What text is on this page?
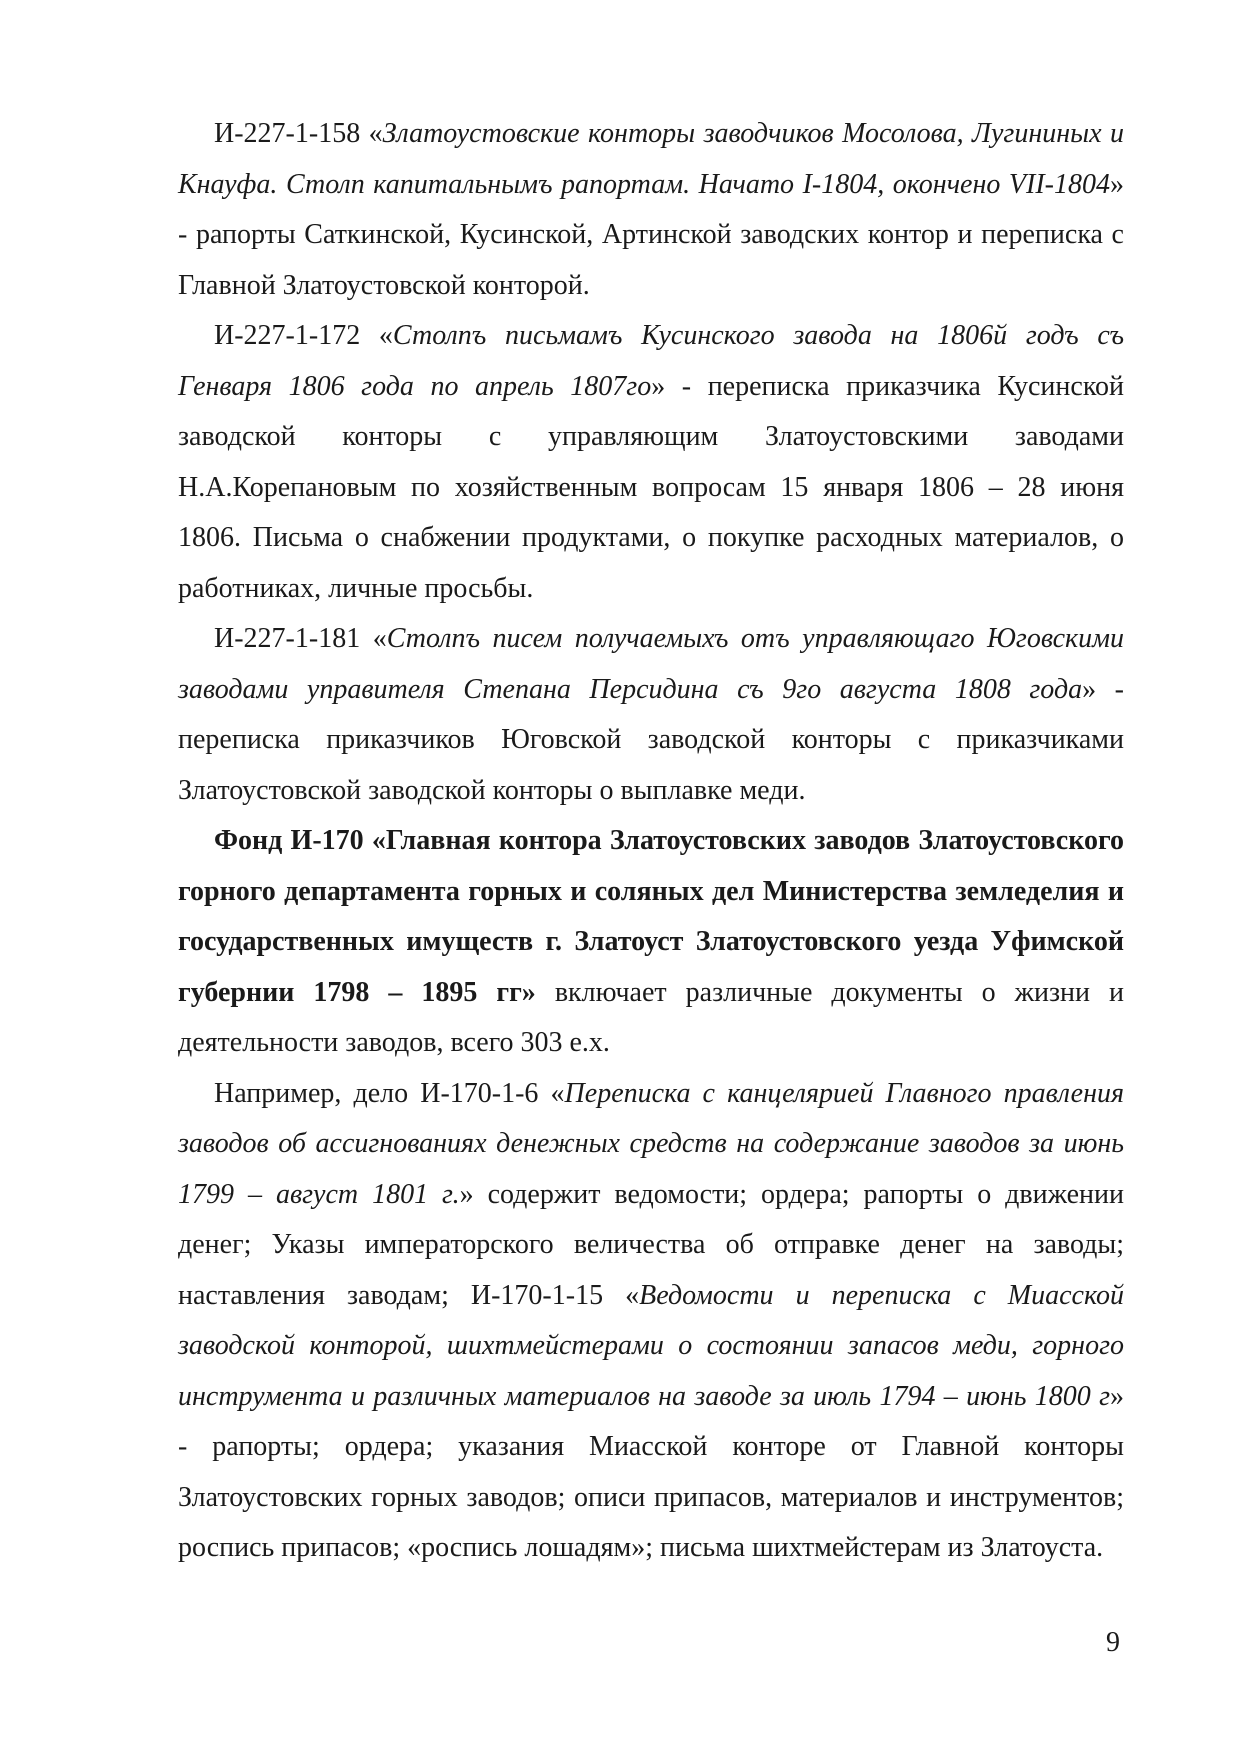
И-227-1-158 «Златоустовские конторы заводчиков Мосолова, Лугининых и Кнауфа. Столп капитальнымъ рапортам. Начато I-1804, окончено VII-1804» - рапорты Саткинской, Кусинской, Артинской заводских контор и переписка с Главной Златоустовской конторой.

И-227-1-172 «Столпъ письмамъ Кусинского завода на 1806й годъ съ Генваря 1806 года по апрель 1807го» - переписка приказчика Кусинской заводской конторы с управляющим Златоустовскими заводами Н.А.Корепановым по хозяйственным вопросам 15 января 1806 – 28 июня 1806. Письма о снабжении продуктами, о покупке расходных материалов, о работниках, личные просьбы.

И-227-1-181 «Столпъ писем получаемыхъ отъ управляющаго Юговскими заводами управителя Степана Персидина съ 9го августа 1808 года» - переписка приказчиков Юговской заводской конторы с приказчиками Златоустовской заводской конторы о выплавке меди.

Фонд И-170 «Главная контора Златоустовских заводов Златоустовского горного департамента горных и соляных дел Министерства земледелия и государственных имуществ г. Златоуст Златоустовского уезда Уфимской губернии 1798 – 1895 гг» включает различные документы о жизни и деятельности заводов, всего 303 е.х.

Например, дело И-170-1-6 «Переписка с канцелярией Главного правления заводов об ассигнованиях денежных средств на содержание заводов за июнь 1799 – август 1801 г.» содержит ведомости; ордера; рапорты о движении денег; Указы императорского величества об отправке денег на заводы; наставления заводам; И-170-1-15 «Ведомости и переписка с Миасской заводской конторой, шихтмейстерами о состоянии запасов меди, горного инструмента и различных материалов на заводе за июль 1794 – июнь 1800 г» - рапорты; ордера; указания Миасской конторе от Главной конторы Златоустовских горных заводов; описи припасов, материалов и инструментов; роспись припасов; «роспись лошадям»; письма шихтмейстерам из Златоуста.

9
